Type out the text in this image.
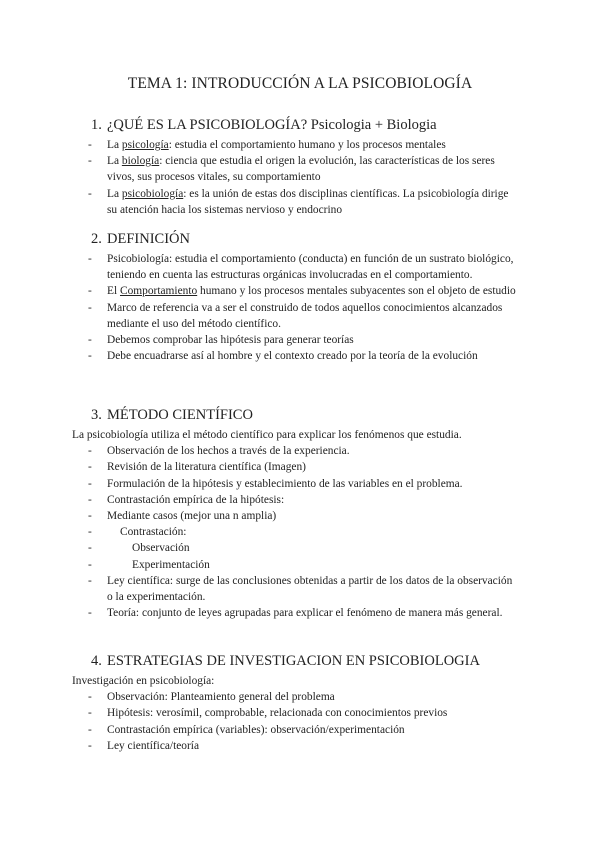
TEMA 1: INTRODUCCIÓN A LA PSICOBIOLOGÍA
1. ¿QUÉ ES LA PSICOBIOLOGÍA? Psicologia + Biologia
- La psicología: estudia el comportamiento humano y los procesos mentales
- La biología: ciencia que estudia el origen la evolución, las características de los seres vivos, sus procesos vitales, su comportamiento
- La psicobiología: es la unión de estas dos disciplinas científicas. La psicobiología dirige su atención hacia los sistemas nervioso y endocrino
2. DEFINICIÓN
- Psicobiología: estudia el comportamiento (conducta) en función de un sustrato biológico, teniendo en cuenta las estructuras orgánicas involucradas en el comportamiento.
- El Comportamiento humano y los procesos mentales subyacentes son el objeto de estudio
- Marco de referencia va a ser el construido de todos aquellos conocimientos alcanzados mediante el uso del método científico.
- Debemos comprobar las hipótesis para generar teorías
- Debe encuadrarse así al hombre y el contexto creado por la teoría de la evolución
3. MÉTODO CIENTÍFICO
La psicobiología utiliza el método científico para explicar los fenómenos que estudia.
- Observación de los hechos a través de la experiencia.
- Revisión de la literatura científica (Imagen)
- Formulación de la hipótesis y establecimiento de las variables en el problema.
- Contrastación empírica de la hipótesis:
- Mediante casos (mejor una n amplia)
- Contrastación:
-	Observación
-	Experimentación
- Ley científica: surge de las conclusiones obtenidas a partir de los datos de la observación o la experimentación.
- Teoría: conjunto de leyes agrupadas para explicar el fenómeno de manera más general.
4. ESTRATEGIAS DE INVESTIGACION EN PSICOBIOLOGIA
Investigación en psicobiología:
- Observación: Planteamiento general del problema
- Hipótesis: verosímil, comprobable, relacionada con conocimientos previos
- Contrastación empírica (variables): observación/experimentación
- Ley científica/teoría
